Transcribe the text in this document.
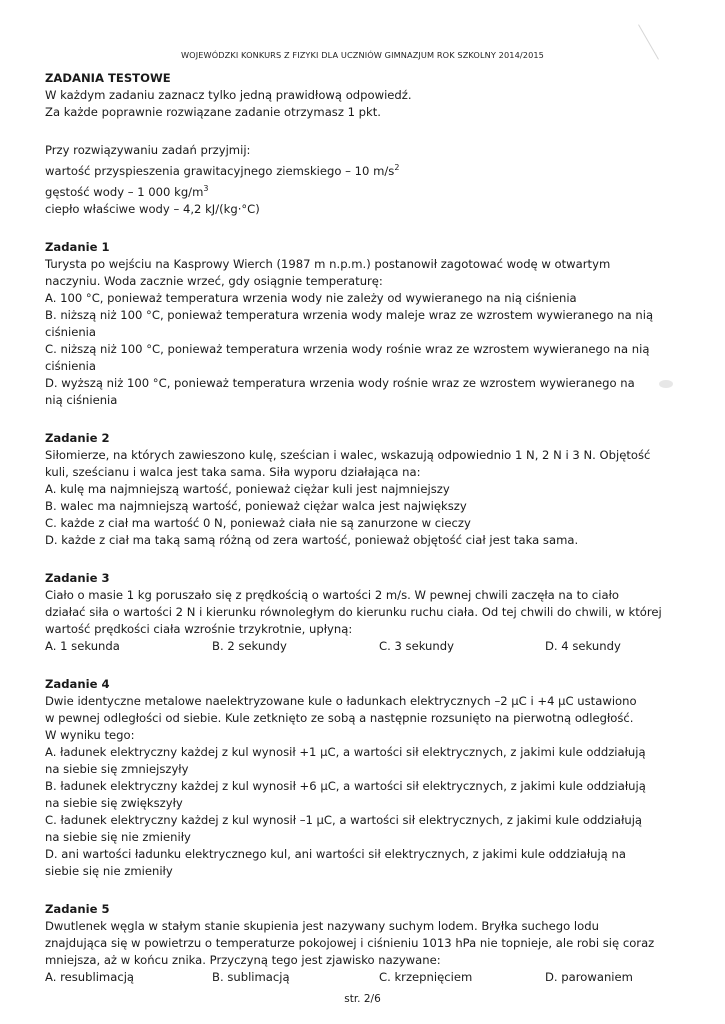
WOJEWÓDZKI KONKURS Z FIZYKI DLA UCZNIÓW GIMNAZJUM ROK SZKOLNY 2014/2015
ZADANIA TESTOWE
W każdym zadaniu zaznacz tylko jedną prawidłową odpowiedź.
Za każde poprawnie rozwiązane zadanie otrzymasz 1 pkt.
Przy rozwiązywaniu zadań przyjmij:
wartość przyspieszenia grawitacyjnego ziemskiego – 10 $m/s^2$
gęstość wody – 1 000 $kg/m^3$
ciepło właściwe wody – 4,2 kJ/(kg·°C)
Zadanie 1
Turysta po wejściu na Kasprowy Wierch (1987 m n.p.m.) postanowił zagotować wodę w otwartym
naczyniu. Woda zacznie wrzeć, gdy osiągnie temperaturę:
A. 100 °C, ponieważ temperatura wrzenia wody nie zależy od wywieranego na nią ciśnienia
B. niższą niż 100 °C, ponieważ temperatura wrzenia wody maleje wraz ze wzrostem wywieranego na nią
ciśnienia
C. niższą niż 100 °C, ponieważ temperatura wrzenia wody rośnie wraz ze wzrostem wywieranego na nią
ciśnienia
D. wyższą niż 100 °C, ponieważ temperatura wrzenia wody rośnie wraz ze wzrostem wywieranego na
nią ciśnienia
Zadanie 2
Siłomierze, na których zawieszono kulę, sześcian i walec, wskazują odpowiednio 1 N, 2 N i 3 N. Objętość
kuli, sześcianu i walca jest taka sama. Siła wyporu działająca na:
A. kulę ma najmniejszą wartość, ponieważ ciężar kuli jest najmniejszy
B. walec ma najmniejszą wartość, ponieważ ciężar walca jest największy
C. każde z ciał ma wartość 0 N, ponieważ ciała nie są zanurzone w cieczy
D. każde z ciał ma taką samą różną od zera wartość, ponieważ objętość ciał jest taka sama.
Zadanie 3
Ciało o masie 1 kg poruszało się z prędkością o wartości 2 m/s. W pewnej chwili zaczęła na to ciało
działać siła o wartości 2 N i kierunku równoległym do kierunku ruchu ciała. Od tej chwili do chwili, w której
wartość prędkości ciała wzrośnie trzykrotnie, upłyną:
A. 1 sekunda	B. 2 sekundy	C. 3 sekundy	D. 4 sekundy
Zadanie 4
Dwie identyczne metalowe naelektryzowane kule o ładunkach elektrycznych –2 μC i +4 μC ustawiono
w pewnej odległości od siebie. Kule zetknięto ze sobą a następnie rozsunięto na pierwotną odległość.
W wyniku tego:
A. ładunek elektryczny każdej z kul wynosił +1 μC, a wartości sił elektrycznych, z jakimi kule oddziałują
na siebie się zmniejszyły
B. ładunek elektryczny każdej z kul wynosił +6 μC, a wartości sił elektrycznych, z jakimi kule oddziałują
na siebie się zwiększyły
C. ładunek elektryczny każdej z kul wynosił –1 μC, a wartości sił elektrycznych, z jakimi kule oddziałują
na siebie się nie zmieniły
D. ani wartości ładunku elektrycznego kul, ani wartości sił elektrycznych, z jakimi kule oddziałują na
siebie się nie zmieniły
Zadanie 5
Dwutlenek węgla w stałym stanie skupienia jest nazywany suchym lodem. Bryłka suchego lodu
znajdująca się w powietrzu o temperaturze pokojowej i ciśnieniu 1013 hPa nie topnieje, ale robi się coraz
mniejsza, aż w końcu znika. Przyczyną tego jest zjawisko nazywane:
A. resublimacją	B. sublimacją	C. krzepnięciem	D. parowaniem
str. 2/6
